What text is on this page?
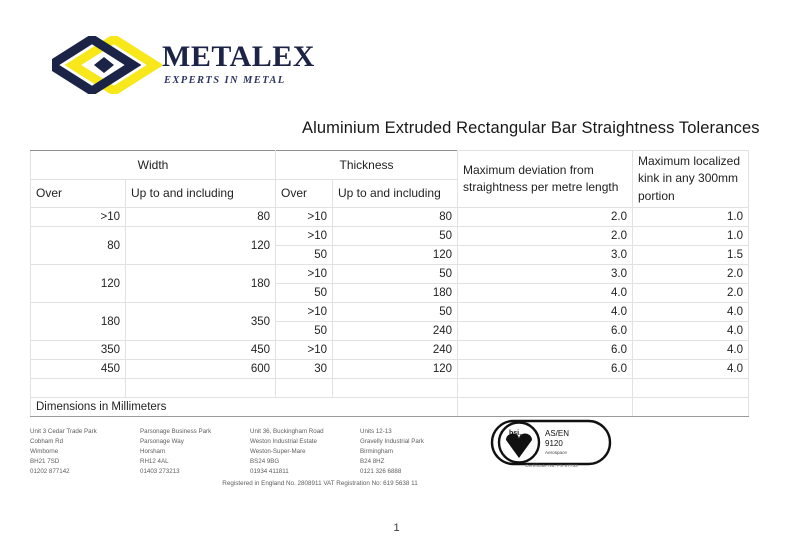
METALEX
EXPERTS IN METAL
Aluminium Extruded Rectangular Bar Straightness Tolerances
Width		Thickness		Maximum deviation from straightness per metre length	Maximum localized kink in any 300mm portion
Over	Up to and including	Over	Up to and including		
>10	80	>10	80	2.0	1.0
80	120	>10	50	2.0	1.0
		50	120	3.0	1.5
120	180	>10	50	3.0	2.0
		50	180	4.0	2.0
180	350	>10	50	4.0	4.0
		50	240	6.0	4.0
350	450	>10	240	6.0	4.0
450	600	30	120	6.0	4.0

Dimensions in Millimeters					
Unit 3 Cedar Trade Park
Cobham Rd
Wimborne
BH21 7SD
01202 877142
Parsonage Business Park
Parsonage Way
Horsham
RH12 4AL
01403 273213
Unit 36, Buckingham Road
Weston Industrial Estate
Weston-Super-Mare
BS24 9BG
01934 411811
Units 12-13
Gravelly Industrial Park
Birmingham
B24 8HZ
0121 326 6888
bsi.	AS/EN
9120
Aerospace
Certificate No. FS 87733
Registered in England No. 2808911 VAT Registration No: 619 5638 11
1
